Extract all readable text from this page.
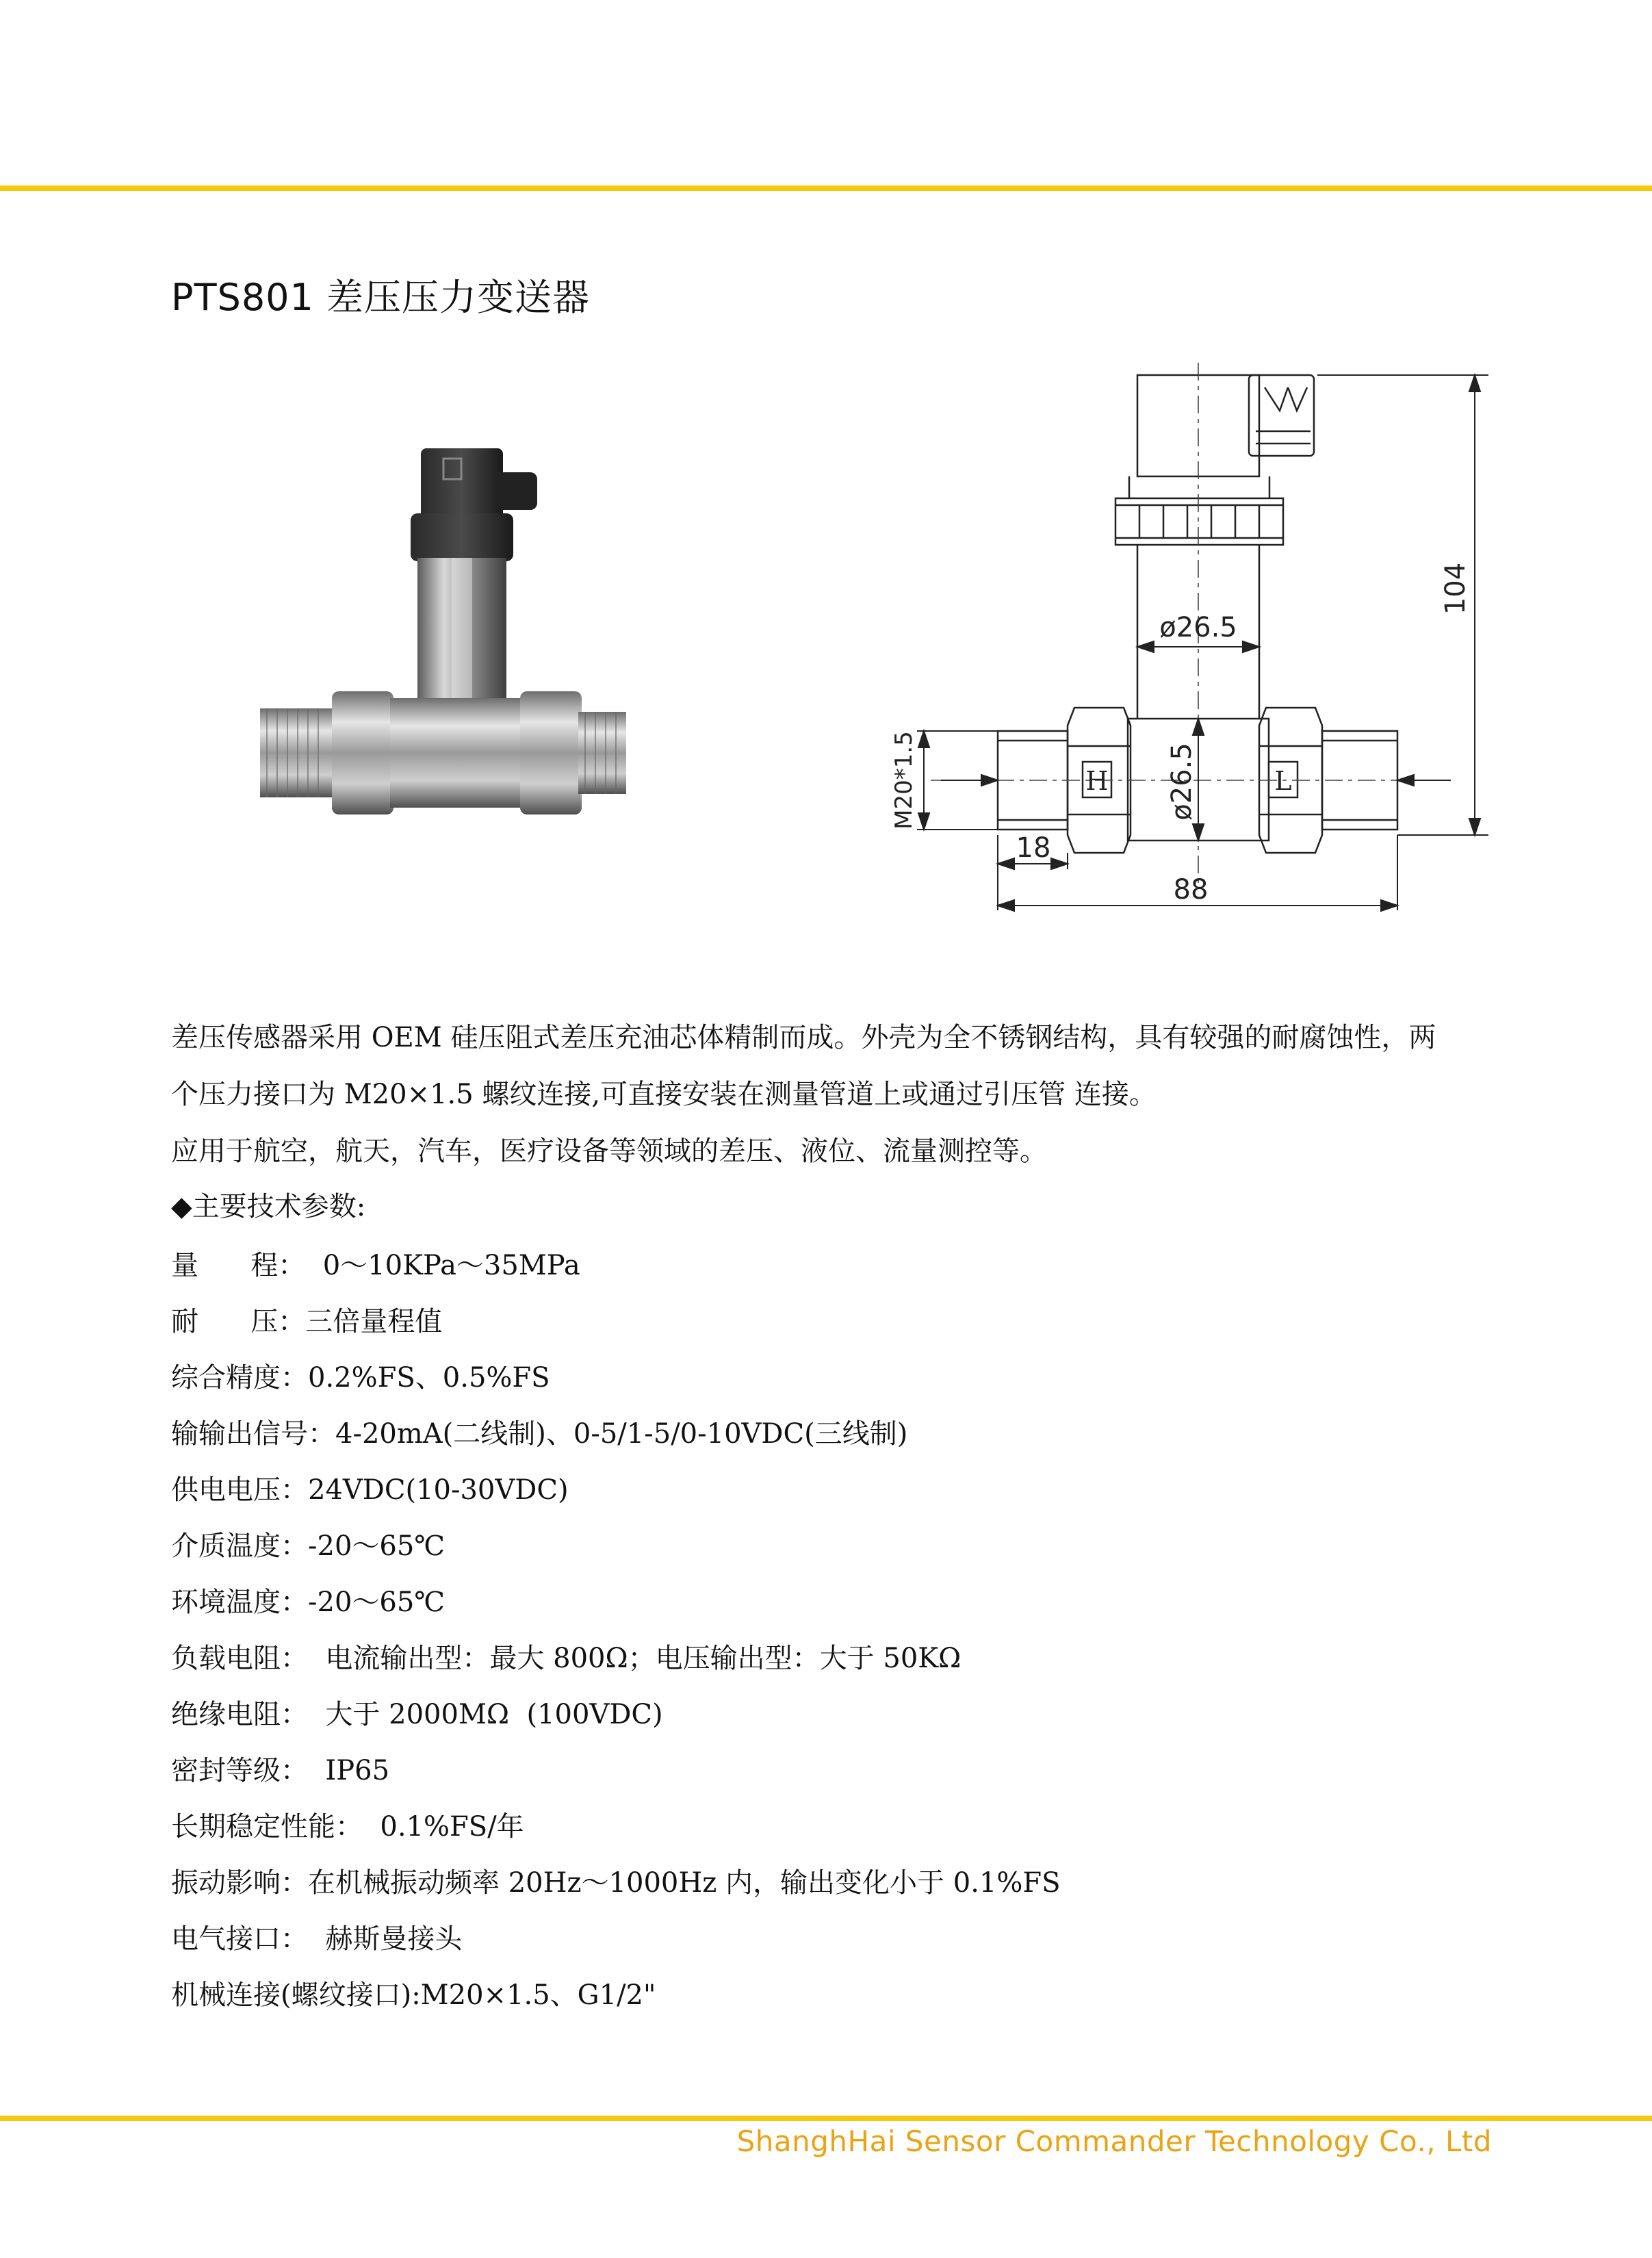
PTS801 差压压力变送器
104
ø26.5
ø26.5
M20*1.5
18
88
H	L

差压传感器采用 OEM 硅压阻式差压充油芯体精制而成。外壳为全不锈钢结构，具有较强的耐腐蚀性，两

个压力接口为 M20×1.5 螺纹连接,可直接安装在测量管道上或通过引压管 连接。

应用于航空，航天，汽车，医疗设备等领域的差压、液位、流量测控等。

◆主要技术参数:

量      程：  0～10KPa～35MPa
耐      压：三倍量程值
综合精度：0.2%FS、0.5%FS
输输出信号：4-20mA(二线制)、0-5/1-5/0-10VDC(三线制)
供电电压：24VDC(10-30VDC)
介质温度：-20～65℃
环境温度：-20～65℃
负载电阻：  电流输出型：最大 800Ω；电压输出型：大于 50KΩ
绝缘电阻：  大于 2000MΩ  (100VDC)
密封等级：  IP65
长期稳定性能：  0.1%FS/年
振动影响：在机械振动频率 20Hz～1000Hz 内，输出变化小于 0.1%FS
电气接口：  赫斯曼接头
机械连接(螺纹接口):M20×1.5、G1/2"
ShanghHai Sensor Commander Technology Co., Ltd
